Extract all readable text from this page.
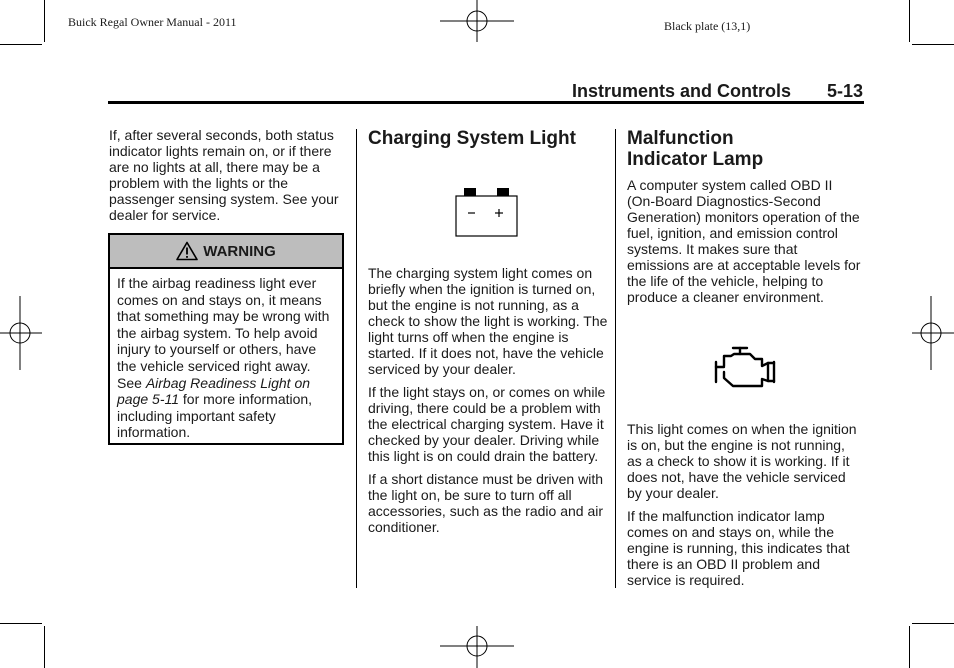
Buick Regal Owner Manual - 2011	Black plate (13,1)
Instruments and Controls 5-13

If, after several seconds, both status indicator lights remain on, or if there are no lights at all, there may be a problem with the lights or the passenger sensing system. See your dealer for service.

WARNING
If the airbag readiness light ever comes on and stays on, it means that something may be wrong with the airbag system. To help avoid injury to yourself or others, have the vehicle serviced right away. See Airbag Readiness Light on page 5-11 for more information, including important safety information.
Charging System Light

The charging system light comes on briefly when the ignition is turned on, but the engine is not running, as a check to show the light is working. The light turns off when the engine is started. If it does not, have the vehicle serviced by your dealer.

If the light stays on, or comes on while driving, there could be a problem with the electrical charging system. Have it checked by your dealer. Driving while this light is on could drain the battery.

If a short distance must be driven with the light on, be sure to turn off all accessories, such as the radio and air conditioner.

Malfunction
Indicator Lamp

A computer system called OBD II (On-Board Diagnostics-Second Generation) monitors operation of the fuel, ignition, and emission control systems. It makes sure that emissions are at acceptable levels for the life of the vehicle, helping to produce a cleaner environment.

This light comes on when the ignition is on, but the engine is not running, as a check to show it is working. If it does not, have the vehicle serviced by your dealer.

If the malfunction indicator lamp comes on and stays on, while the engine is running, this indicates that there is an OBD II problem and service is required.
